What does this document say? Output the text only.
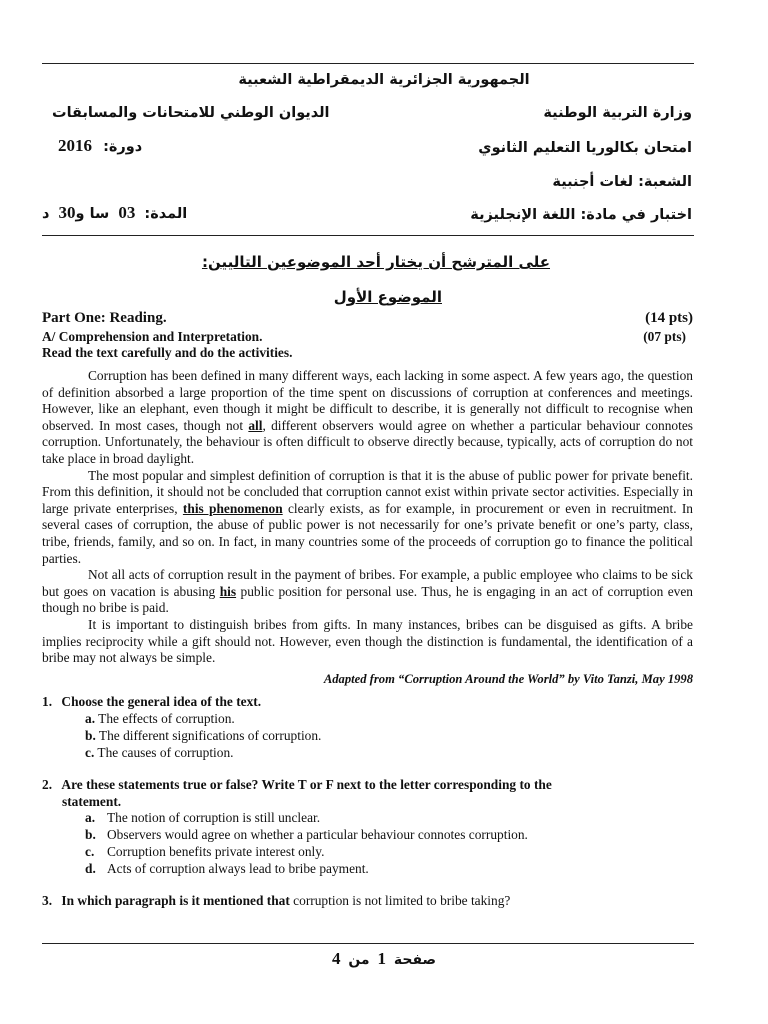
الجمهورية الجزائرية الديمقراطية الشعبية
وزارة التربية الوطنية
الديوان الوطني للامتحانات والمسابقات
امتحان بكالوريا التعليم الثانوي
دورة: 2016
الشعبة: لغات أجنبية
اختبار في مادة: اللغة الإنجليزية
المدة: 03 سا و30 د
على المترشح أن يختار أحد الموضوعين التاليين:
الموضوع الأول
Part One: Reading.	(14 pts)
A/ Comprehension and Interpretation.	(07 pts)
Read the text carefully and do the activities.

Corruption has been defined in many different ways, each lacking in some aspect. A few years ago, the question of definition absorbed a large proportion of the time spent on discussions of corruption at conferences and meetings. However, like an elephant, even though it might be difficult to describe, it is generally not difficult to recognise when observed. In most cases, though not all, different observers would agree on whether a particular behaviour connotes corruption. Unfortunately, the behaviour is often difficult to observe directly because, typically, acts of corruption do not take place in broad daylight.

The most popular and simplest definition of corruption is that it is the abuse of public power for private benefit. From this definition, it should not be concluded that corruption cannot exist within private sector activities. Especially in large private enterprises, this phenomenon clearly exists, as for example, in procurement or even in recruitment. In several cases of corruption, the abuse of public power is not necessarily for one’s private benefit or one’s party, class, tribe, friends, family, and so on. In fact, in many countries some of the proceeds of corruption go to finance the political parties.

Not all acts of corruption result in the payment of bribes. For example, a public employee who claims to be sick but goes on vacation is abusing his public position for personal use. Thus, he is engaging in an act of corruption even though no bribe is paid.

It is important to distinguish bribes from gifts. In many instances, bribes can be disguised as gifts. A bribe implies reciprocity while a gift should not. However, even though the distinction is fundamental, the identification of a bribe may not always be simple.

Adapted from “Corruption Around the World” by Vito Tanzi, May 1998
1. Choose the general idea of the text.
a. The effects of corruption.
b. The different significations of corruption.
c. The causes of corruption.
2. Are these statements true or false? Write T or F next to the letter corresponding to the
statement.
a. The notion of corruption is still unclear.
b. Observers would agree on whether a particular behaviour connotes corruption.
c. Corruption benefits private interest only.
d. Acts of corruption always lead to bribe payment.
3. In which paragraph is it mentioned that corruption is not limited to bribe taking?
صفحة 1 من 4
